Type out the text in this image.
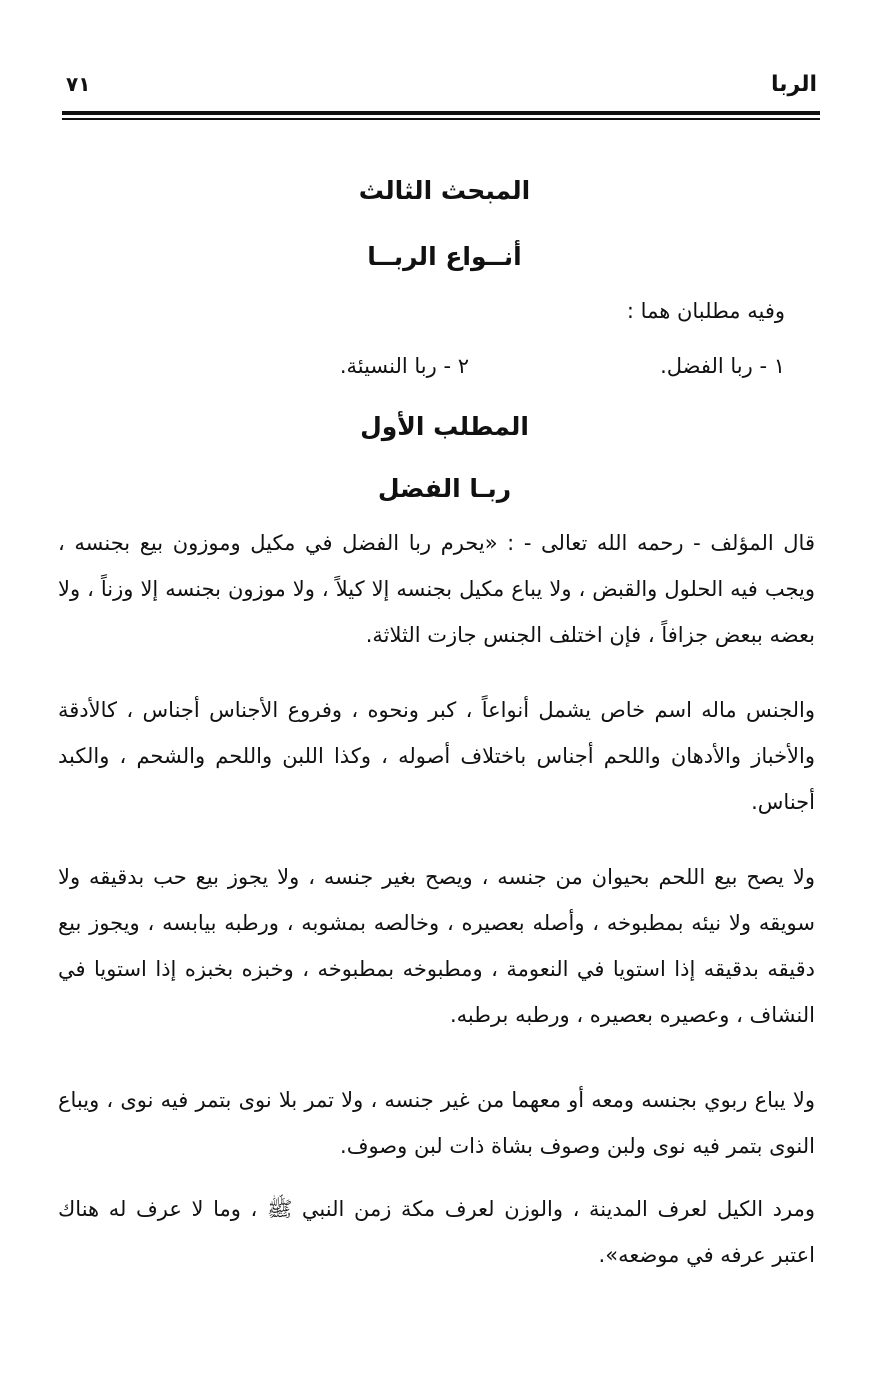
الربا
٧١
المبحث الثالث
أنــواع الربــا
وفيه مطلبان هما :
١ - ربا الفضل.
٢ - ربا النسيئة.
المطلب الأول
ربـا الفضل
قال المؤلف - رحمه الله تعالى - : «يحرم ربا الفضل في مكيل وموزون بيع بجنسه ، ويجب فيه الحلول والقبض ، ولا يباع مكيل بجنسه إلا كيلاً ، ولا موزون بجنسه إلا وزناً ، ولا بعضه ببعض جزافاً ، فإن اختلف الجنس جازت الثلاثة.
والجنس ماله اسم خاص يشمل أنواعاً ، كبر ونحوه ، وفروع الأجناس أجناس ، كالأدقة والأخباز والأدهان واللحم أجناس باختلاف أصوله ، وكذا اللبن واللحم والشحم ، والكبد أجناس.
ولا يصح بيع اللحم بحيوان من جنسه ، ويصح بغير جنسه ، ولا يجوز بيع حب بدقيقه ولا سويقه ولا نيئه بمطبوخه ، وأصله بعصيره ، وخالصه بمشوبه ، ورطبه بيابسه ، ويجوز بيع دقيقه بدقيقه إذا استويا في النعومة ، ومطبوخه بمطبوخه ، وخبزه بخبزه إذا استويا في النشاف ، وعصيره بعصيره ، ورطبه برطبه.
ولا يباع ربوي بجنسه ومعه أو معهما من غير جنسه ، ولا تمر بلا نوى بتمر فيه نوى ، ويباع النوى بتمر فيه نوى ولبن وصوف بشاة ذات لبن وصوف.
ومرد الكيل لعرف المدينة ، والوزن لعرف مكة زمن النبي ﷺ ، وما لا عرف له هناك اعتبر عرفه في موضعه».
